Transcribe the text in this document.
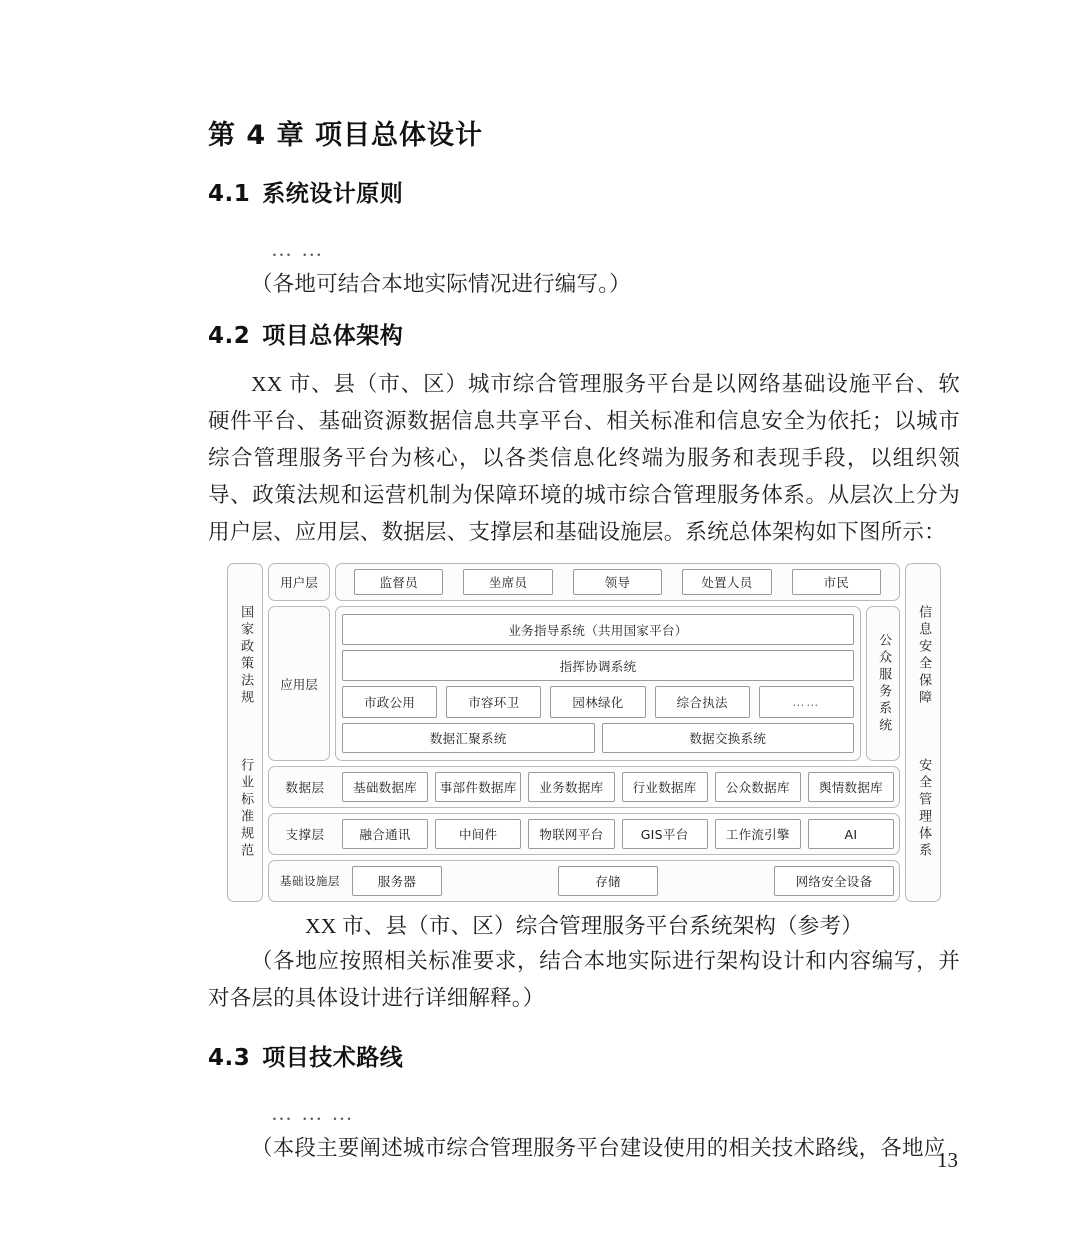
第 4 章 项目总体设计
4.1 系统设计原则

… …

（各地可结合本地实际情况进行编写。）

4.2 项目总体架构

XX 市、县（市、区）城市综合管理服务平台是以网络基础设施平台、软硬件平台、基础资源数据信息共享平台、相关标准和信息安全为依托；以城市综合管理服务平台为核心，以各类信息化终端为服务和表现手段，以组织领导、政策法规和运营机制为保障环境的城市综合管理服务体系。从层次上分为用户层、应用层、数据层、支撑层和基础设施层。系统总体架构如下图所示：

国家政策法规
行业标准规范
用户层	监督员	坐席员	领导	处置人员	市民
应用层
业务指导系统（共用国家平台）
指挥协调系统
市政公用	市容环卫	园林绿化	综合执法	……
数据汇聚系统	数据交换系统
公众服务系统
数据层	基础数据库	事部件数据库	业务数据库	行业数据库	公众数据库	舆情数据库
支撑层	融合通讯	中间件	物联网平台	GIS平台	工作流引擎	AI
基础设施层	服务器	存储	网络安全设备
信息安全保障
安全管理体系

XX 市、县（市、区）综合管理服务平台系统架构（参考）

（各地应按照相关标准要求，结合本地实际进行架构设计和内容编写，并对各层的具体设计进行详细解释。）

4.3 项目技术路线

… … …

（本段主要阐述城市综合管理服务平台建设使用的相关技术路线，各地应

13
